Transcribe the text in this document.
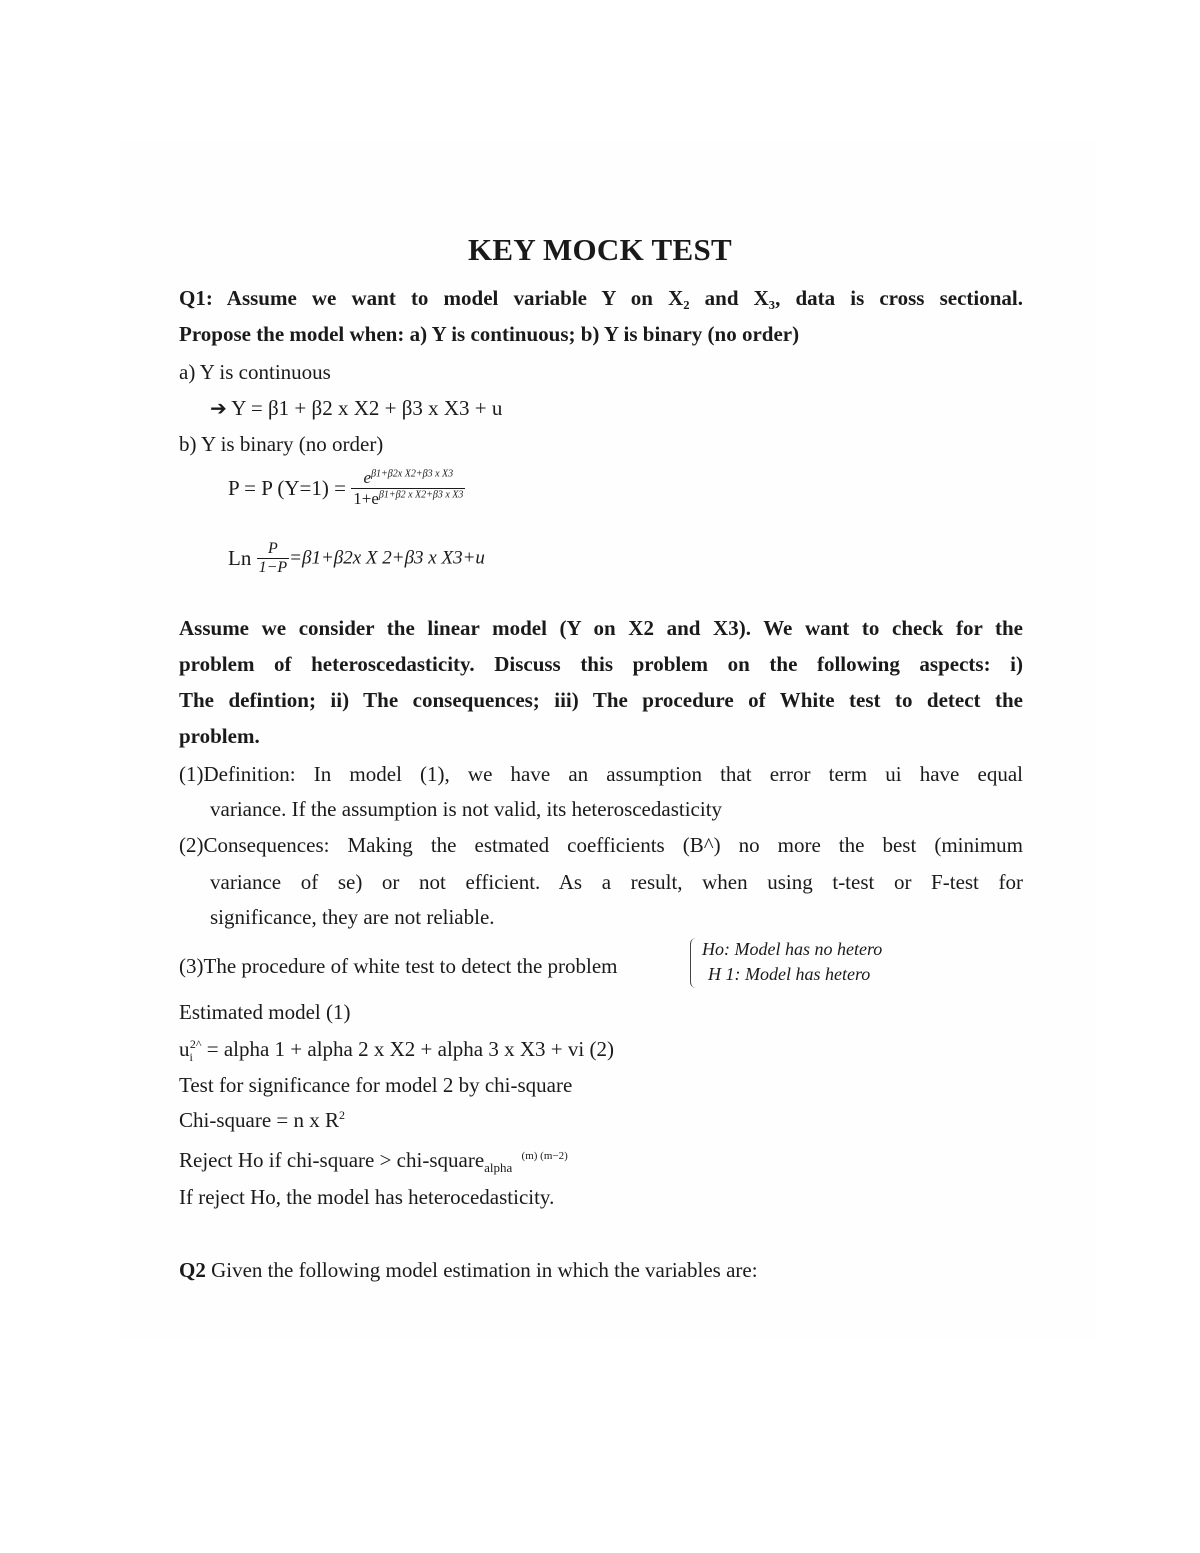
KEY MOCK TEST
Q1: Assume we want to model variable Y on X₂ and X₃, data is cross sectional.
Propose the model when: a) Y is continuous; b) Y is binary (no order)
a) Y is continuous
➔ Y = β1 + β2 x X2 + β3 x X3 + u
b) Y is binary (no order)
P = P $(Y=1) = \frac{e^{\beta 1+\beta 2x X2+\beta 3 x X3}}{1+e^{\beta 1+\beta 2 x X2+\beta 3 x X3}}$
Ln $\frac{P}{1-P} =\beta 1+\beta 2x$ X 2+β3 x X3+u
Assume we consider the linear model (Y on X2 and X3). We want to check for the
problem of heteroscedasticity. Discuss this problem on the following aspects: i)
The defintion; ii) The consequences; iii) The procedure of White test to detect the
problem.
(1)Definition: In model (1), we have an assumption that error term ui have equal
variance. If the assumption is not valid, its heteroscedasticity
(2)Consequences: Making the estmated coefficients (B^) no more the best (minimum
variance of se) or not efficient. As a result, when using t-test or F-test for
significance, they are not reliable.
(3)The procedure of white test to detect the problem
Ho: Model has no hetero
H 1: Model has hetero
Estimated model (1)
$u_i^{2\^{}}$ = alpha 1 + alpha 2 x X2 + alpha 3 x X3 + vi (2)
Test for significance for model 2 by chi-square
Chi-square = n x $R^2$
Reject Ho if chi-square > chi-square$_{alpha}$ $^{(m) (m-2)}$
If reject Ho, the model has heterocedasticity.
Q2 Given the following model estimation in which the variables are:
